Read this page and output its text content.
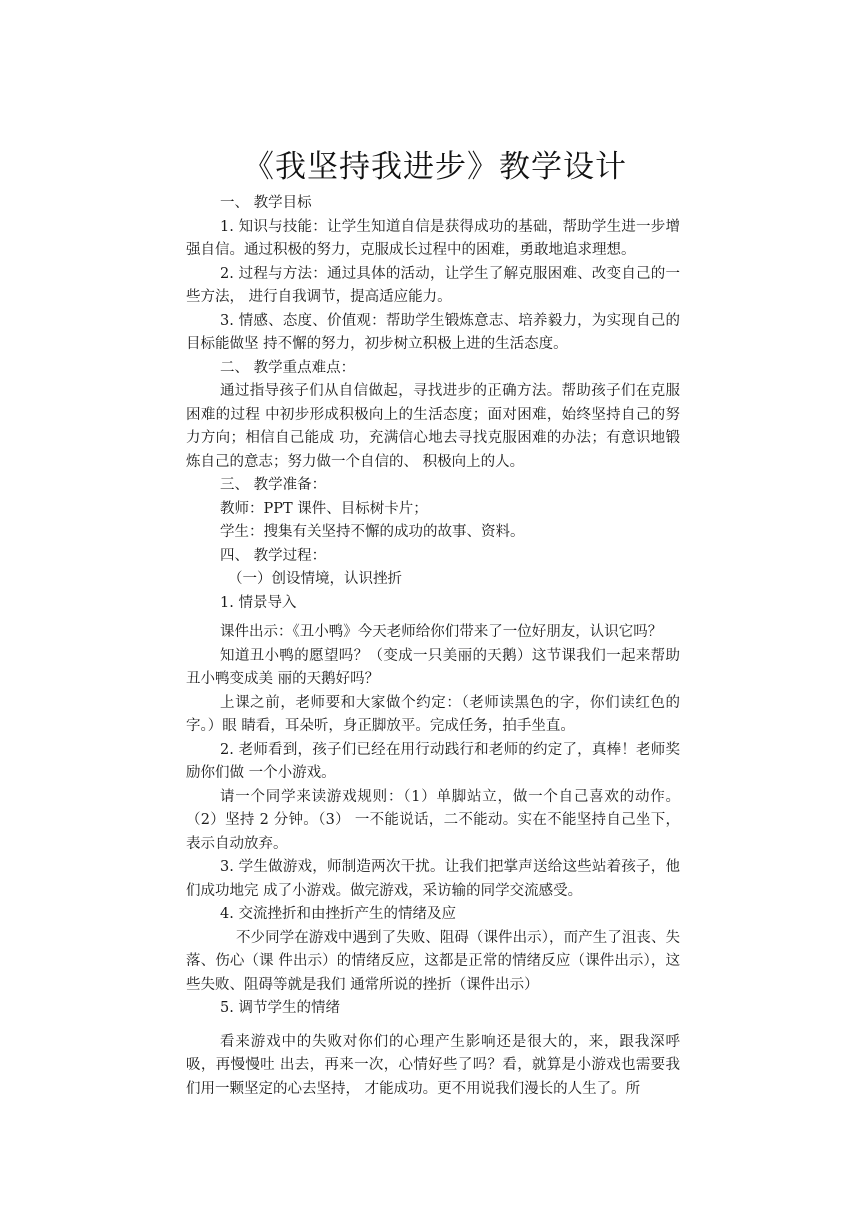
《我坚持我进步》教学设计

一、 教学目标

1. 知识与技能：让学生知道自信是获得成功的基础，帮助学生进一步增强自信。通过积极的努力，克服成长过程中的困难，勇敢地追求理想。

2. 过程与方法：通过具体的活动，让学生了解克服困难、改变自己的一些方法， 进行自我调节，提高适应能力。

3. 情感、态度、价值观：帮助学生锻炼意志、培养毅力，为实现自己的目标能做坚 持不懈的努力，初步树立积极上进的生活态度。

二、 教学重点难点：

通过指导孩子们从自信做起，寻找进步的正确方法。帮助孩子们在克服困难的过程 中初步形成积极向上的生活态度；面对困难，始终坚持自己的努力方向；相信自己能成 功，充满信心地去寻找克服困难的办法；有意识地锻炼自己的意志；努力做一个自信的、 积极向上的人。

三、 教学准备：

教师：PPT 课件、目标树卡片；

学生：搜集有关坚持不懈的成功的故事、资料。

四、 教学过程：

（一）创设情境，认识挫折

1. 情景导入

课件出示：《丑小鸭》今天老师给你们带来了一位好朋友，认识它吗？

知道丑小鸭的愿望吗？（变成一只美丽的天鹅）这节课我们一起来帮助丑小鸭变成美 丽的天鹅好吗？

上课之前，老师要和大家做个约定：（老师读黑色的字，你们读红色的字。）眼 睛看，耳朵听，身正脚放平。完成任务，拍手坐直。

2. 老师看到，孩子们已经在用行动践行和老师的约定了，真棒！老师奖励你们做 一个小游戏。

请一个同学来读游戏规则：（1）单脚站立，做一个自己喜欢的动作。（2）坚持 2 分钟。（3） 一不能说话，二不能动。实在不能坚持自己坐下，表示自动放弃。

3. 学生做游戏，师制造两次干扰。让我们把掌声送给这些站着孩子，他们成功地完 成了小游戏。做完游戏，采访输的同学交流感受。

4. 交流挫折和由挫折产生的情绪及应

不少同学在游戏中遇到了失败、阻碍（课件出示），而产生了沮丧、失落、伤心（课 件出示）的情绪反应，这都是正常的情绪反应（课件出示），这些失败、阻碍等就是我们 通常所说的挫折（课件出示）

5. 调节学生的情绪

看来游戏中的失败对你们的心理产生影响还是很大的，来，跟我深呼吸，再慢慢吐 出去，再来一次，心情好些了吗？看，就算是小游戏也需要我们用一颗坚定的心去坚持， 才能成功。更不用说我们漫长的人生了。所
